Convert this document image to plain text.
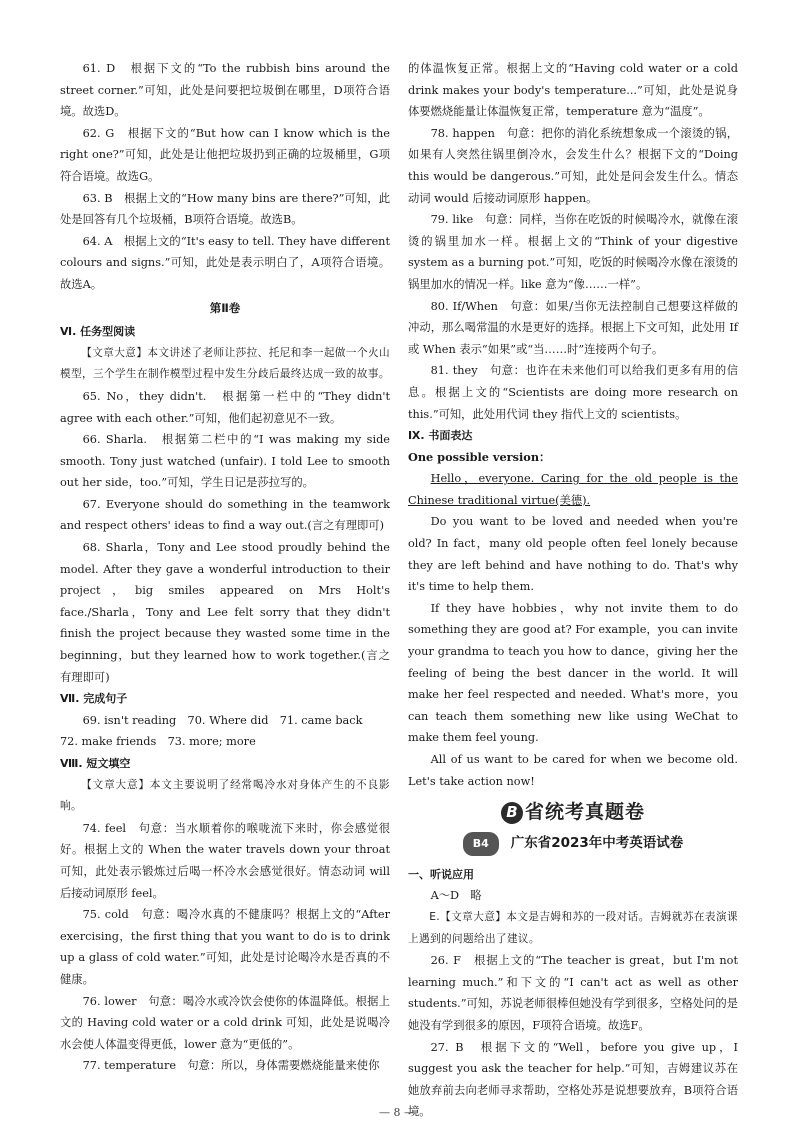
61. D　根据下文的“To the rubbish bins around the street corner.”可知，此处是问要把垃圾倒在哪里，D项符合语境。故选D。

62. G　根据下文的“But how can I know which is the right one?”可知，此处是让他把垃圾扔到正确的垃圾桶里，G项符合语境。故选G。

63. B　根据上文的“How many bins are there?”可知，此处是回答有几个垃圾桶，B项符合语境。故选B。

64. A　根据上文的“It's easy to tell. They have different colours and signs.”可知，此处是表示明白了，A项符合语境。故选A。

第Ⅱ卷

Ⅵ. 任务型阅读

【文章大意】本文讲述了老师让莎拉、托尼和李一起做一个火山模型，三个学生在制作模型过程中发生分歧后最终达成一致的故事。

65. No，they didn't.　根据第一栏中的“They didn't agree with each other.”可知，他们起初意见不一致。

66. Sharla.　根据第二栏中的“I was making my side smooth. Tony just watched (unfair). I told Lee to smooth out her side，too.”可知，学生日记是莎拉写的。

67. Everyone should do something in the teamwork and respect others' ideas to find a way out.(言之有理即可)

68. Sharla，Tony and Lee stood proudly behind the model. After they gave a wonderful introduction to their project，big smiles appeared on Mrs Holt's face./Sharla，Tony and Lee felt sorry that they didn't finish the project because they wasted some time in the beginning，but they learned how to work together.(言之有理即可)

Ⅶ. 完成句子

69. isn't reading　70. Where did　71. came back

72. make friends　73. more; more

Ⅷ. 短文填空

【文章大意】本文主要说明了经常喝冷水对身体产生的不良影响。

74. feel　句意：当水顺着你的喉咙流下来时，你会感觉很好。根据上文的 When the water travels down your throat 可知，此处表示锻炼过后喝一杯冷水会感觉很好。情态动词 will 后接动词原形 feel。

75. cold　句意：喝冷水真的不健康吗？根据上文的“After exercising，the first thing that you want to do is to drink up a glass of cold water.”可知，此处是讨论喝冷水是否真的不健康。

76. lower　句意：喝冷水或冷饮会使你的体温降低。根据上文的 Having cold water or a cold drink 可知，此处是说喝冷水会使人体温变得更低，lower 意为“更低的”。

77. temperature　句意：所以，身体需要燃烧能量来使你

的体温恢复正常。根据上文的“Having cold water or a cold drink makes your body's temperature...”可知，此处是说身体要燃烧能量让体温恢复正常，temperature 意为“温度”。

78. happen　句意：把你的消化系统想象成一个滚烫的锅，如果有人突然往锅里倒冷水，会发生什么？根据下文的“Doing this would be dangerous.”可知，此处是问会发生什么。情态动词 would 后接动词原形 happen。

79. like　句意：同样，当你在吃饭的时候喝冷水，就像在滚烫的锅里加水一样。根据上文的“Think of your digestive system as a burning pot.”可知，吃饭的时候喝冷水像在滚烫的锅里加水的情况一样。like 意为“像……一样”。

80. If/When　句意：如果/当你无法控制自己想要这样做的冲动，那么喝常温的水是更好的选择。根据上下文可知，此处用 If 或 When 表示“如果”或“当……时”连接两个句子。

81. they　句意：也许在未来他们可以给我们更多有用的信息。根据上文的“Scientists are doing more research on this.”可知，此处用代词 they 指代上文的 scientists。

Ⅸ. 书面表达

One possible version：

Hello，everyone. Caring for the old people is the Chinese traditional virtue(美德).

Do you want to be loved and needed when you're old? In fact，many old people often feel lonely because they are left behind and have nothing to do. That's why it's time to help them.

If they have hobbies，why not invite them to do something they are good at? For example，you can invite your grandma to teach you how to dance，giving her the feeling of being the best dancer in the world. It will make her feel respected and needed. What's more，you can teach them something new like using WeChat to make them feel young.

All of us want to be cared for when we become old. Let's take action now!

B 省统考真题卷
B4	广东省2023年中考英语试卷

一、听说应用

A～D　略

E.【文章大意】本文是吉姆和苏的一段对话。吉姆就苏在表演课上遇到的问题给出了建议。

26. F　根据上文的“The teacher is great，but I'm not learning much.”和下文的“I can't act as well as other students.”可知，苏说老师很棒但她没有学到很多，空格处问的是她没有学到很多的原因，F项符合语境。故选F。

27. B　根据下文的“Well，before you give up，I suggest you ask the teacher for help.”可知，吉姆建议苏在她放弃前去向老师寻求帮助，空格处苏是说想要放弃，B项符合语境。

— 8 —
